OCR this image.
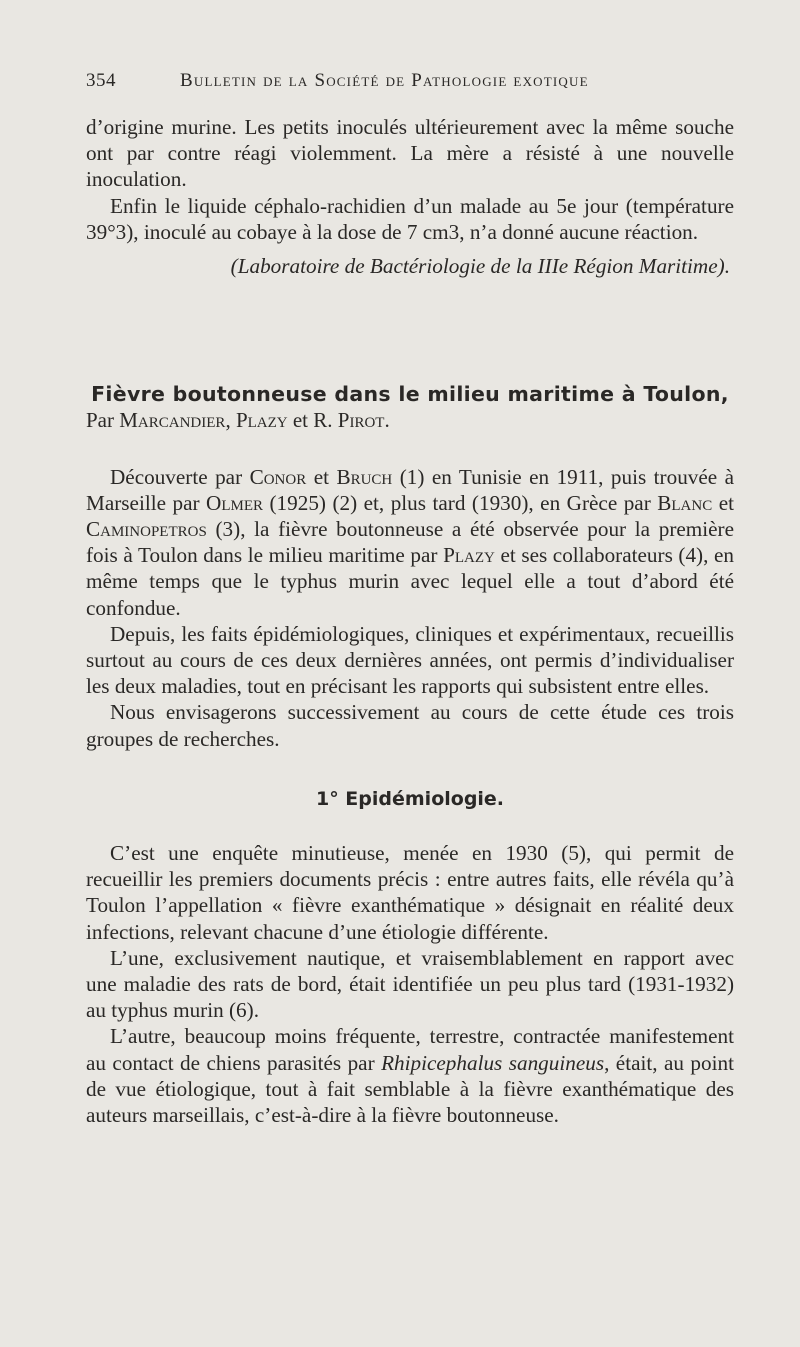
354	Bulletin de la Société de Pathologie exotique

d’origine murine. Les petits inoculés ultérieurement avec la même souche ont par contre réagi violemment. La mère a résisté à une nouvelle inoculation.

Enfin le liquide céphalo-rachidien d’un malade au 5e jour (température 39°3), inoculé au cobaye à la dose de 7 cm3, n’a donné aucune réaction.

(Laboratoire de Bactériologie de la IIIe Région Maritime).

Fièvre boutonneuse dans le milieu maritime à Toulon,

Par Marcandier, Plazy et R. Pirot.

Découverte par Conor et Bruch (1) en Tunisie en 1911, puis trouvée à Marseille par Olmer (1925) (2) et, plus tard (1930), en Grèce par Blanc et Caminopetros (3), la fièvre boutonneuse a été observée pour la première fois à Toulon dans le milieu maritime par Plazy et ses collaborateurs (4), en même temps que le typhus murin avec lequel elle a tout d’abord été confondue.

Depuis, les faits épidémiologiques, cliniques et expérimentaux, recueillis surtout au cours de ces deux dernières années, ont permis d’individualiser les deux maladies, tout en précisant les rapports qui subsistent entre elles.

Nous envisagerons successivement au cours de cette étude ces trois groupes de recherches.

1° Epidémiologie.

C’est une enquête minutieuse, menée en 1930 (5), qui permit de recueillir les premiers documents précis : entre autres faits, elle révéla qu’à Toulon l’appellation « fièvre exanthématique » désignait en réalité deux infections, relevant chacune d’une étiologie différente.

L’une, exclusivement nautique, et vraisemblablement en rapport avec une maladie des rats de bord, était identifiée un peu plus tard (1931-1932) au typhus murin (6).

L’autre, beaucoup moins fréquente, terrestre, contractée manifestement au contact de chiens parasités par Rhipicephalus sanguineus, était, au point de vue étiologique, tout à fait semblable à la fièvre exanthématique des auteurs marseillais, c’est-à-dire à la fièvre boutonneuse.
